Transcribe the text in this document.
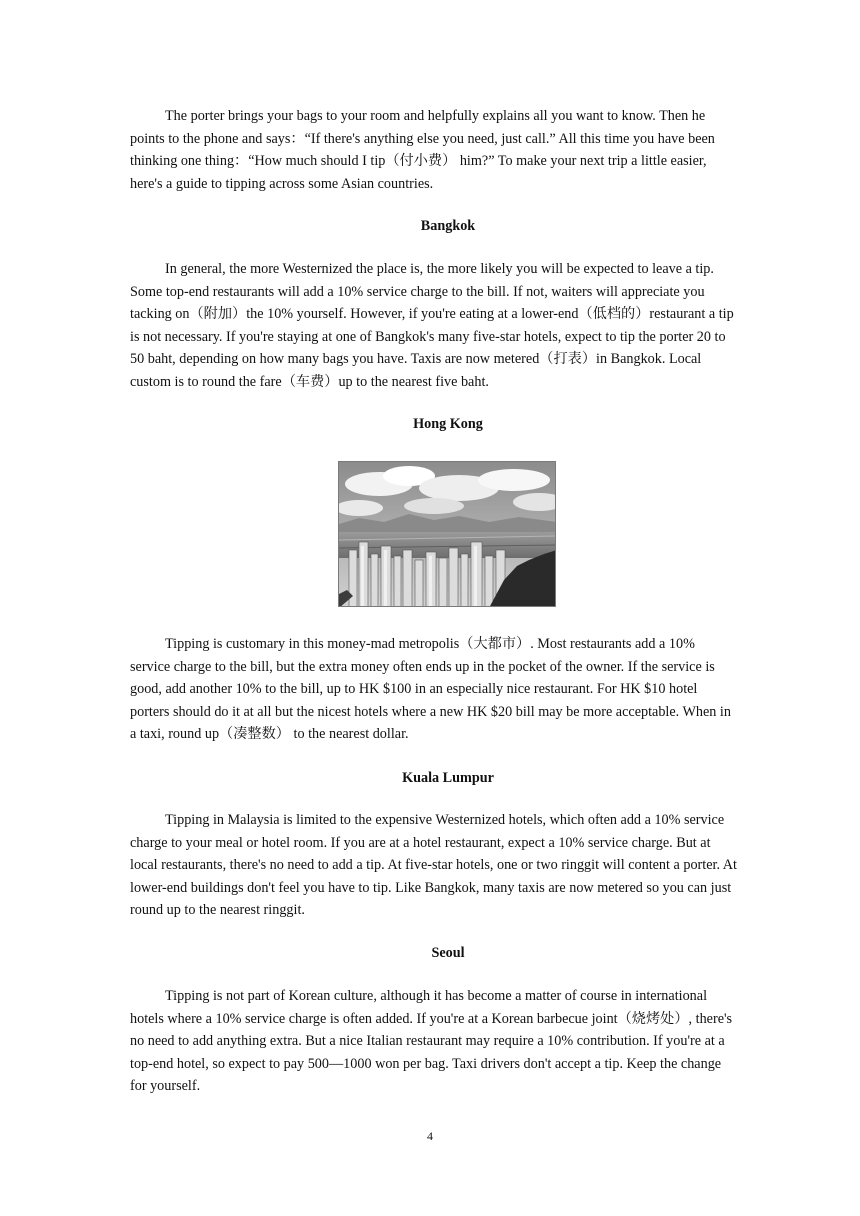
The porter brings your bags to your room and helpfully explains all you want to know. Then he points to the phone and says：“If there's anything else you need, just call.” All this time you have been thinking one thing：“How much should I tip（付小费） him?” To make your next trip a little easier, here's a guide to tipping across some Asian countries.

Bangkok

In general, the more Westernized the place is, the more likely you will be expected to leave a tip. Some top-end restaurants will add a 10% service charge to the bill. If not, waiters will appreciate you tacking on（附加）the 10% yourself. However, if you're eating at a lower-end（低档的）restaurant a tip is not necessary. If you're staying at one of Bangkok's many five-star hotels, expect to tip the porter 20 to 50 baht, depending on how many bags you have. Taxis are now metered（打表）in Bangkok. Local custom is to round the fare（车费）up to the nearest five baht.

Hong Kong

Tipping is customary in this money-mad metropolis（大都市）. Most restaurants add a 10% service charge to the bill, but the extra money often ends up in the pocket of the owner. If the service is good, add another 10% to the bill, up to HK $100 in an especially nice restaurant. For HK $10 hotel porters should do it at all but the nicest hotels where a new HK $20 bill may be more acceptable. When in a taxi, round up（凑整数） to the nearest dollar.

Kuala Lumpur

Tipping in Malaysia is limited to the expensive Westernized hotels, which often add a 10% service charge to your meal or hotel room. If you are at a hotel restaurant, expect a 10% service charge. But at local restaurants, there's no need to add a tip. At five-star hotels, one or two ringgit will content a porter. At lower-end buildings don't feel you have to tip. Like Bangkok, many taxis are now metered so you can just round up to the nearest ringgit.

Seoul

Tipping is not part of Korean culture, although it has become a matter of course in international hotels where a 10% service charge is often added. If you're at a Korean barbecue joint（烧烤处）, there's no need to add anything extra. But a nice Italian restaurant may require a 10% contribution. If you're at a top-end hotel, so expect to pay 500—1000 won per bag. Taxi drivers don't accept a tip. Keep the change for yourself.

4
